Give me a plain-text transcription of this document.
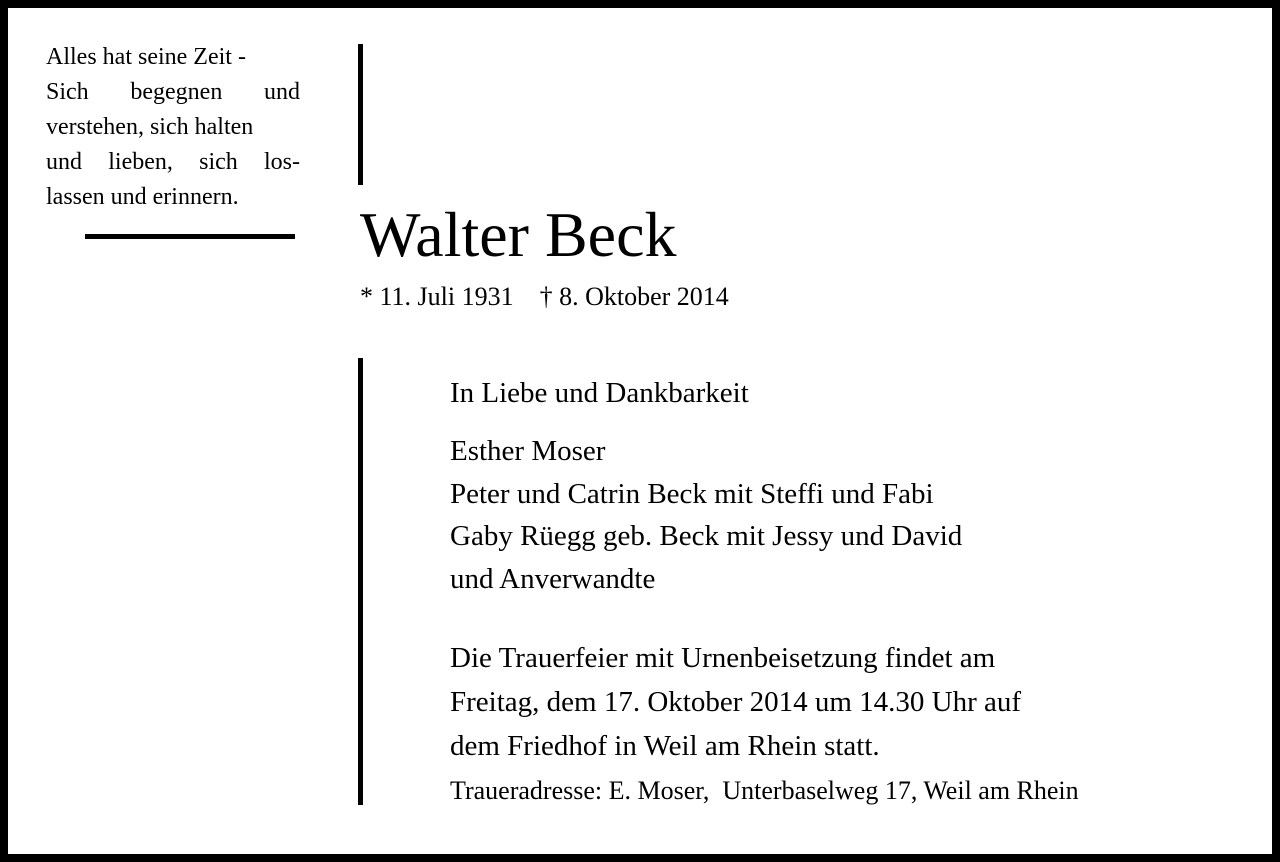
Alles hat seine Zeit -
Sich begegnen und
verstehen, sich halten
und lieben, sich los-
lassen und erinnern.
Walter Beck
* 11. Juli 1931 † 8. Oktober 2014
In Liebe und Dankbarkeit
Esther Moser
Peter und Catrin Beck mit Steffi und Fabi
Gaby Rüegg geb. Beck mit Jessy und David
und Anverwandte
Die Trauerfeier mit Urnenbeisetzung findet am
Freitag, dem 17. Oktober 2014 um 14.30 Uhr auf
dem Friedhof in Weil am Rhein statt.
Traueradresse: E. Moser,  Unterbaselweg 17, Weil am Rhein
